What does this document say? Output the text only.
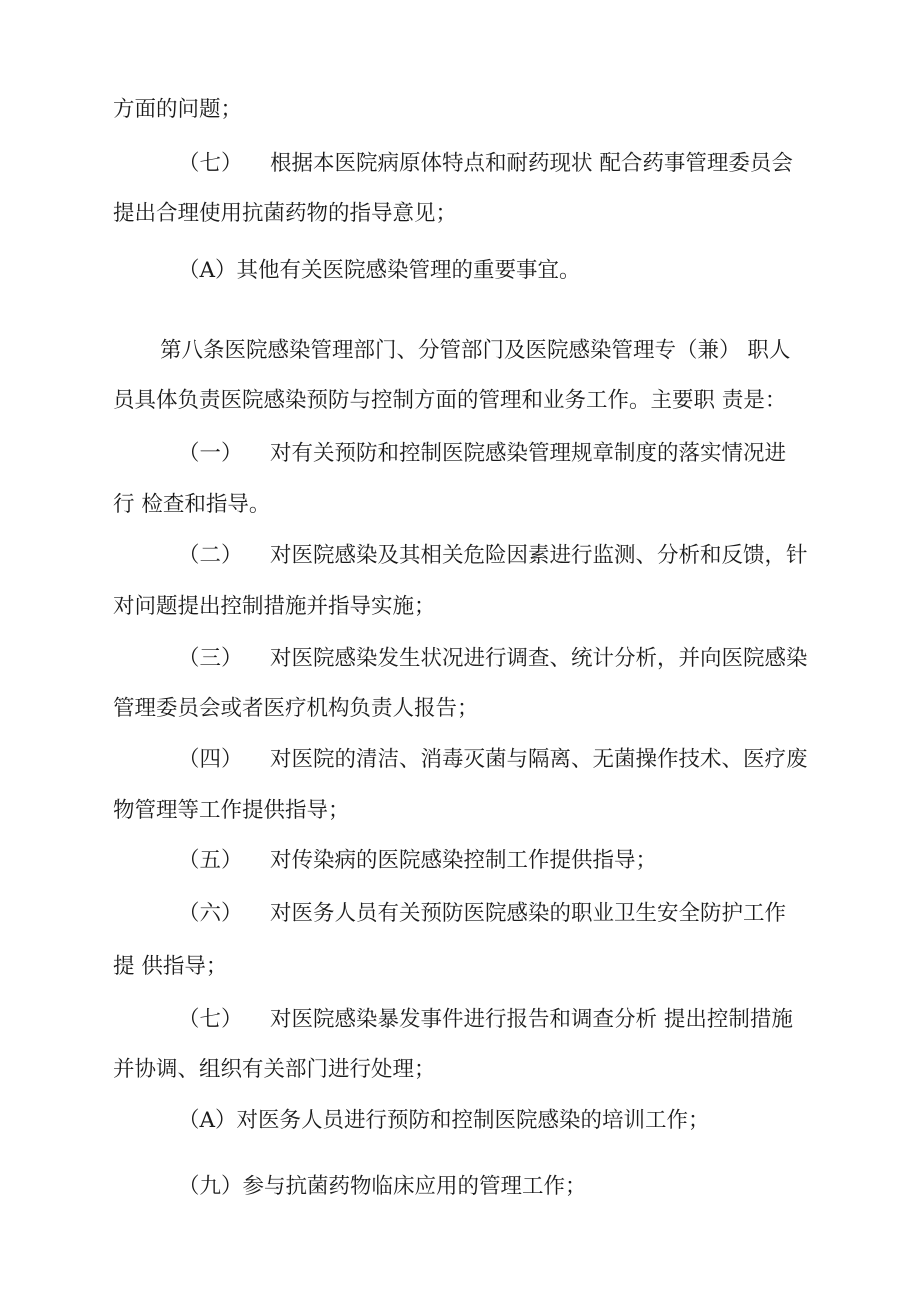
方面的问题；

（七） 根据本医院病原体特点和耐药现状 配合药事管理委员会

提出合理使用抗菌药物的指导意见；

（A）其他有关医院感染管理的重要事宜。

第八条医院感染管理部门、分管部门及医院感染管理专（兼） 职人

员具体负责医院感染预防与控制方面的管理和业务工作。主要职 责是：

（一） 对有关预防和控制医院感染管理规章制度的落实情况进

行 检查和指导。

（二） 对医院感染及其相关危险因素进行监测、分析和反馈，针

对问题提出控制措施并指导实施；

（三） 对医院感染发生状况进行调查、统计分析，并向医院感染

管理委员会或者医疗机构负责人报告；

（四） 对医院的清洁、消毒灭菌与隔离、无菌操作技术、医疗废

物管理等工作提供指导；

（五） 对传染病的医院感染控制工作提供指导；

（六） 对医务人员有关预防医院感染的职业卫生安全防护工作

提 供指导；

（七） 对医院感染暴发事件进行报告和调查分析 提出控制措施

并协调、组织有关部门进行处理；

（A）对医务人员进行预防和控制医院感染的培训工作；

（九）参与抗菌药物临床应用的管理工作；
